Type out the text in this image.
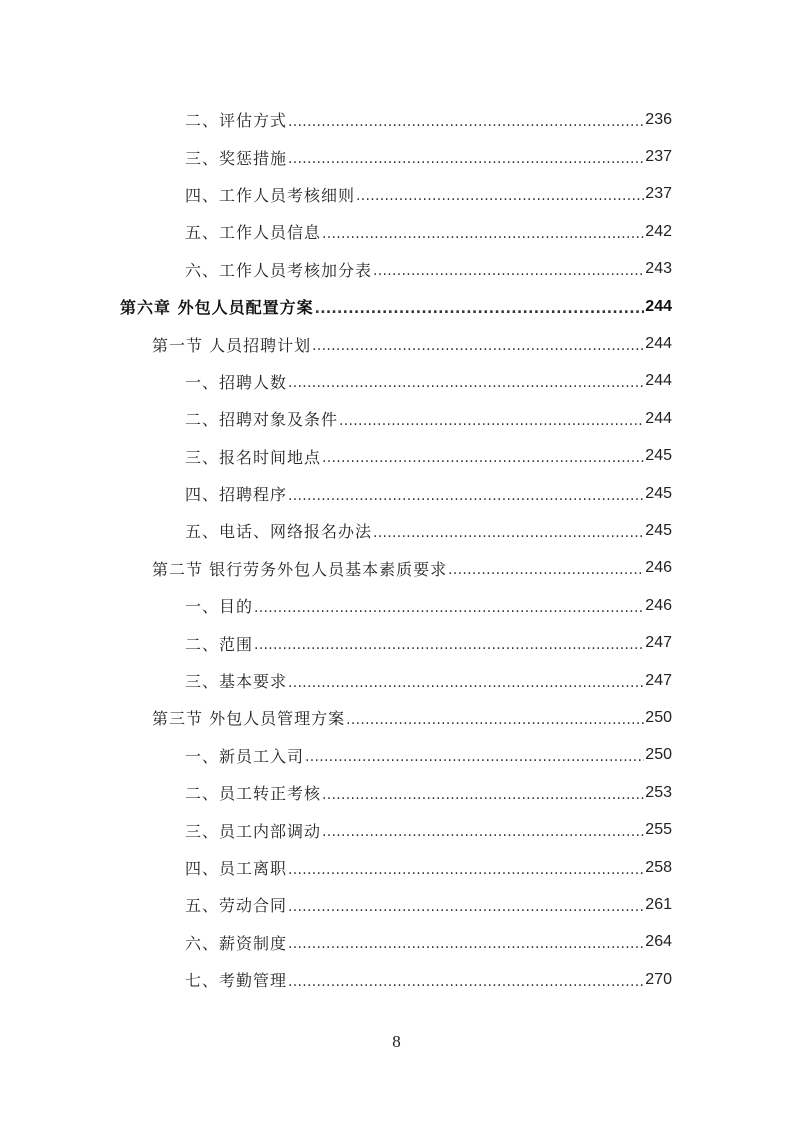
二、评估方式 .....	236
三、奖惩措施 .....	237
四、工作人员考核细则 .....	237
五、工作人员信息 .....	242
六、工作人员考核加分表 .....	243
第六章 外包人员配置方案 .....	244
第一节 人员招聘计划 .....	244
一、招聘人数 .....	244
二、招聘对象及条件 .....	244
三、报名时间地点 .....	245
四、招聘程序 .....	245
五、电话、网络报名办法 .....	245
第二节 银行劳务外包人员基本素质要求 .....	246
一、目的 .....	246
二、范围 .....	247
三、基本要求 .....	247
第三节 外包人员管理方案 .....	250
一、新员工入司 .....	250
二、员工转正考核 .....	253
三、员工内部调动 .....	255
四、员工离职 .....	258
五、劳动合同 .....	261
六、薪资制度 .....	264
七、考勤管理 .....	270
8
